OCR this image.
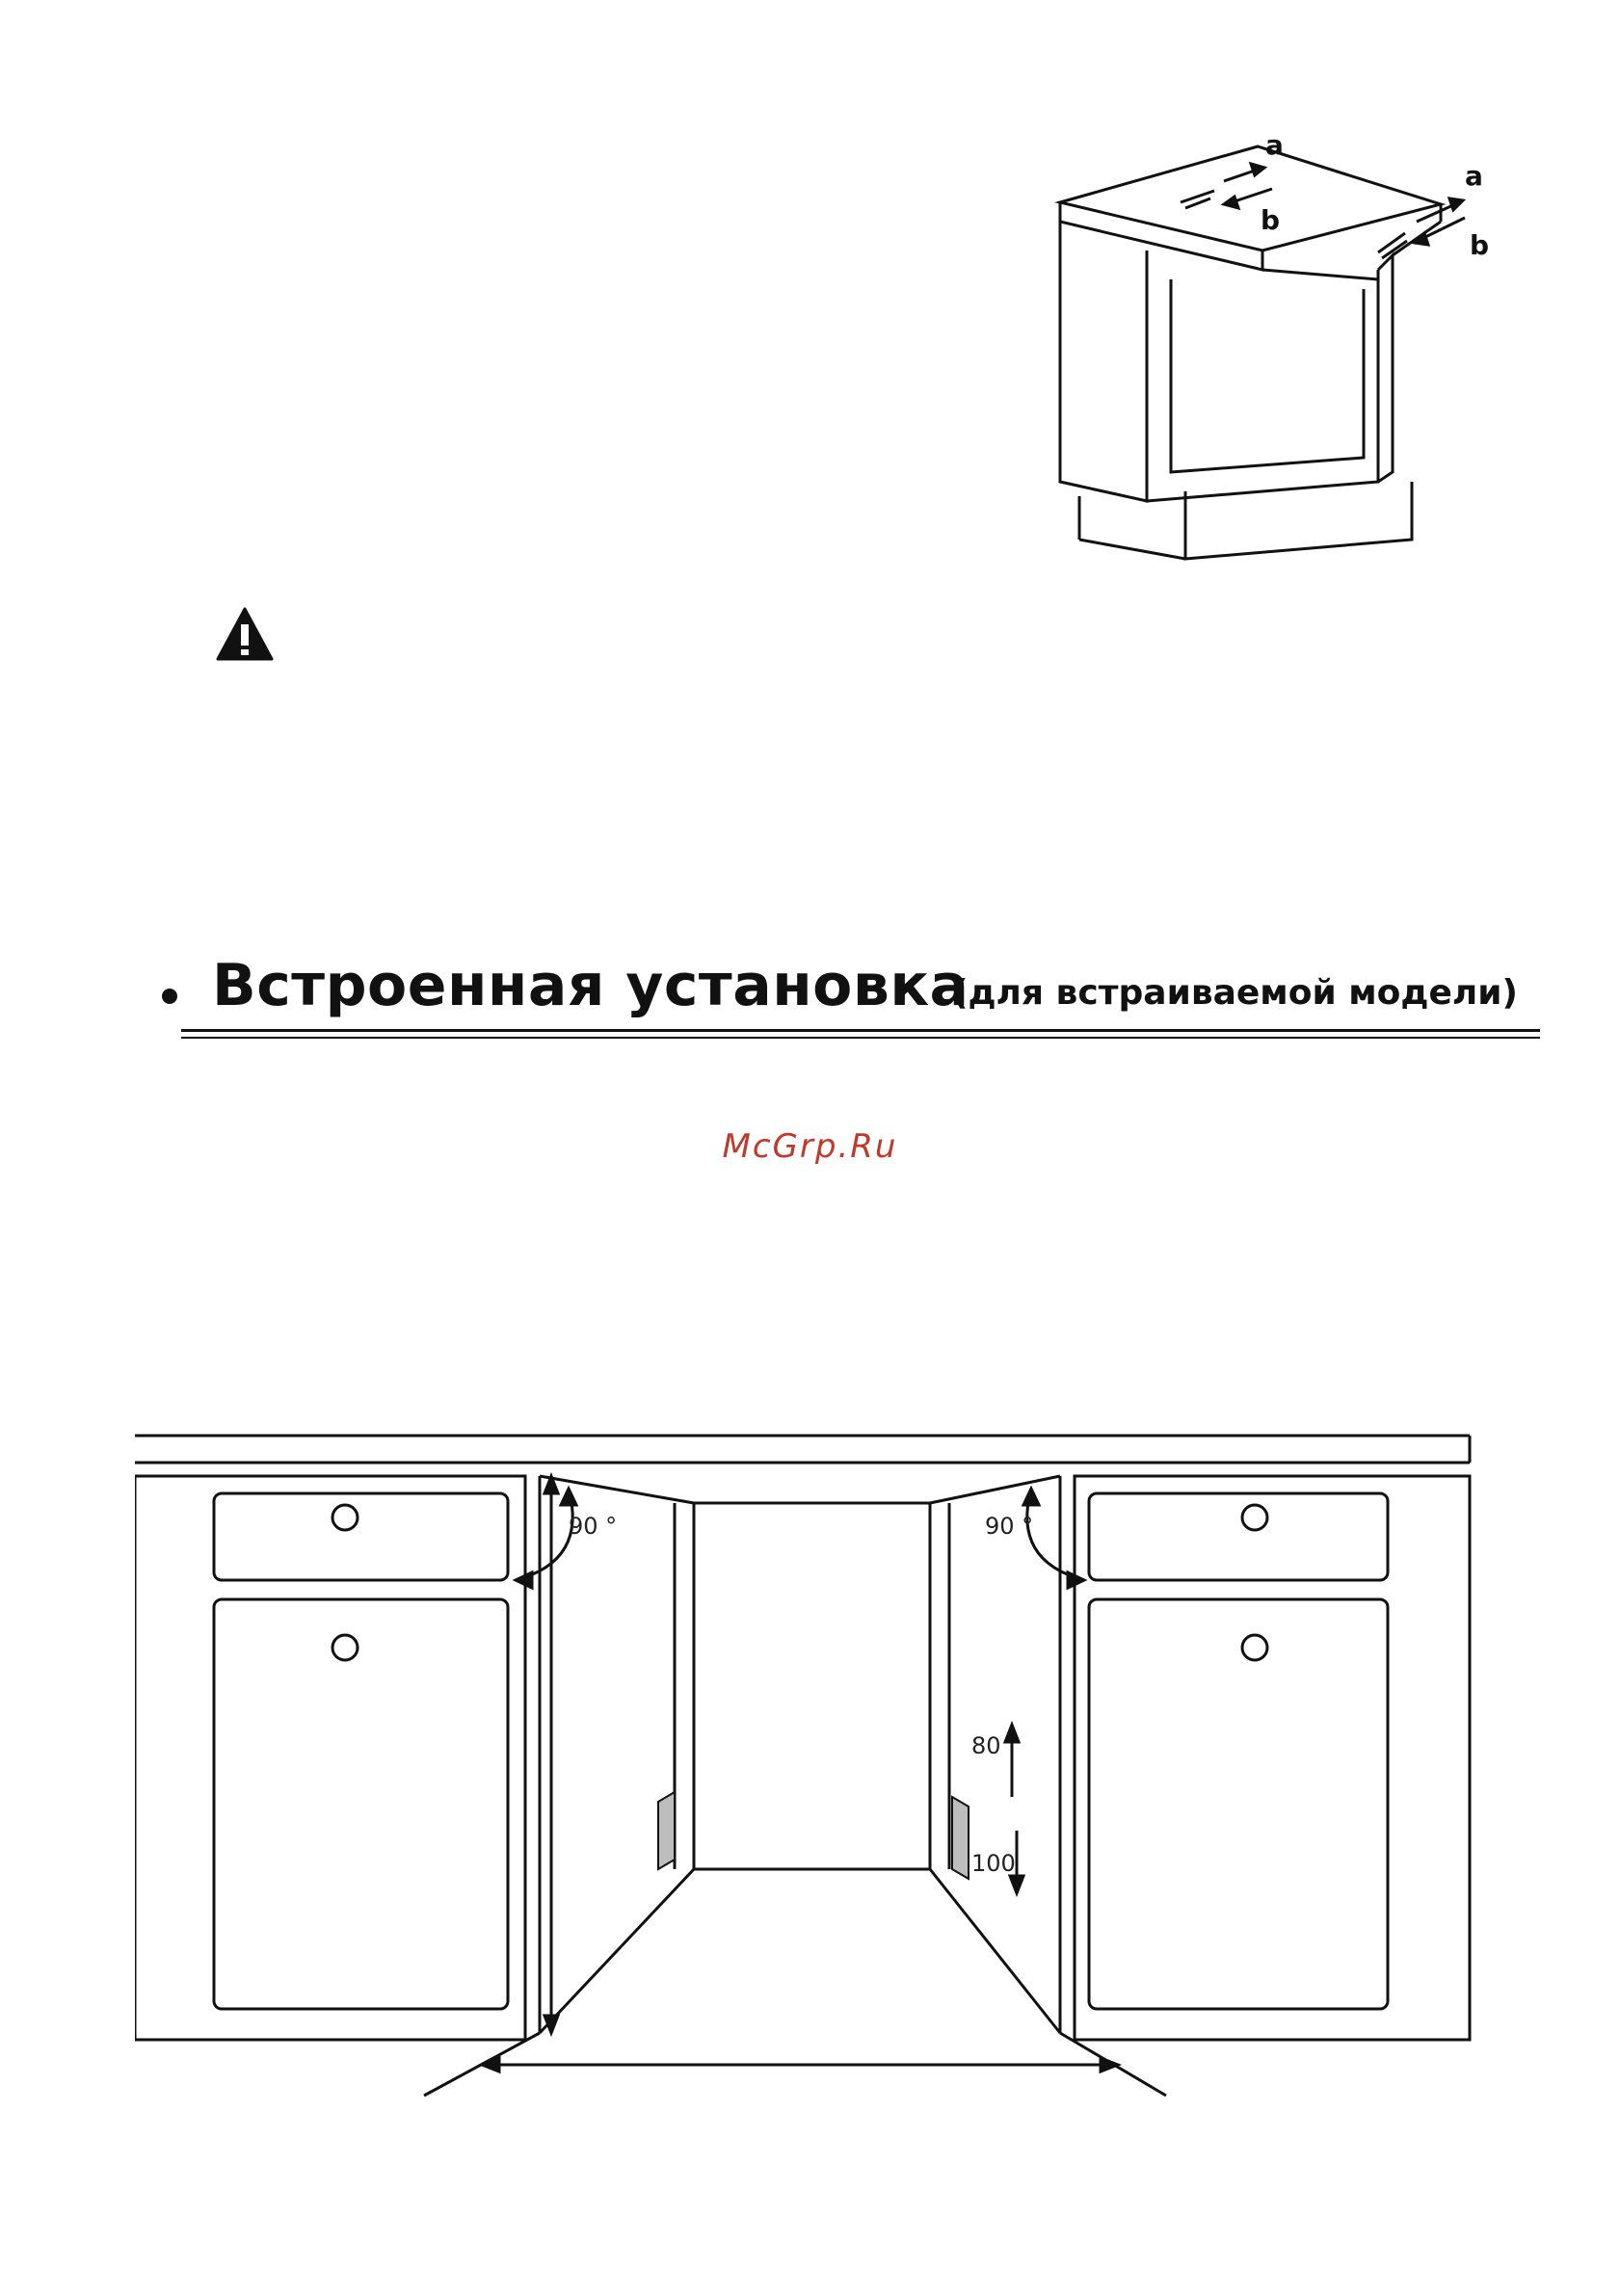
a
b
a
b
Встроенная установка
(для встраиваемой модели)
McGrp.Ru
90 °	90 °
80
100
